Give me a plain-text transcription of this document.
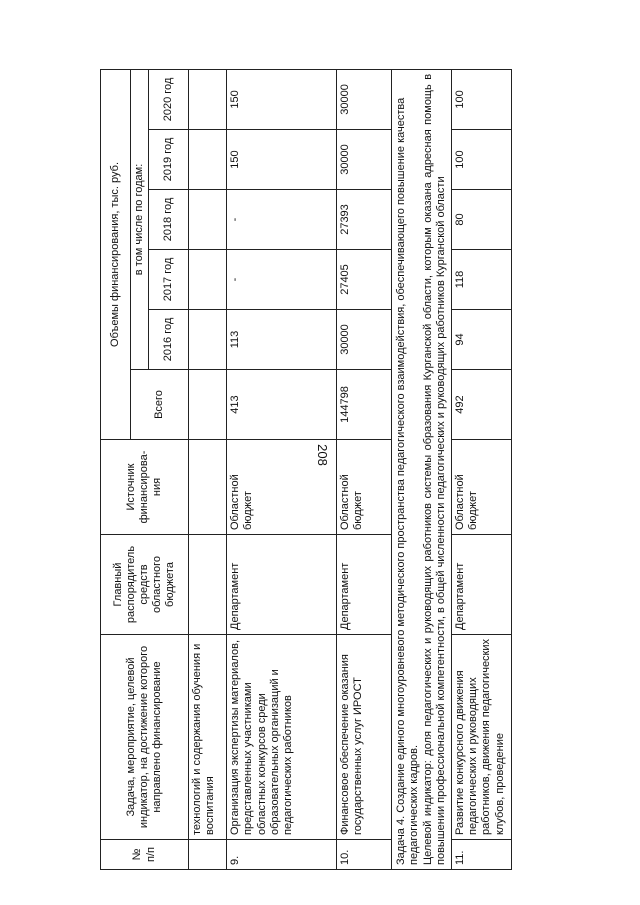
208
№ п/п	Задача, мероприятие, целевой индикатор, на достижение которого направлено финансирование	Главный распорядитель средств областного бюджета	Источник финансирова-ния	Объемы финансирования, тыс. руб.					
				Всего	в том числе по годам:				
					2016 год	2017 год	2018 год	2019 год	2020 год
	технологий и содержания обучения и воспитания								
9.	Организация экспертизы материалов, представленных участниками областных конкурсов среди образовательных организаций и педагогических работников	Департамент	Областной бюджет	413	113	-	-	150	150
10.	Финансовое обеспечение оказания государственных услуг ИРОСТ	Департамент	Областной бюджет	144798	30000	27405	27393	30000	30000

Задача 4. Создание единого многоуровневого методического пространства педагогического взаимодействия, обеспечивающего повышение качества педагогических кадров. Целевой индикатор: доля педагогических и руководящих работников системы образования Курганской области, которым оказана адресная помощь в повышении профессиональной компетентности, в общей численности педагогических и руководящих работников Курганской области									

11.	Развитие конкурсного движения педагогических и руководящих работников, движения педагогических клубов, проведение	Департамент	Областной бюджет	492	94	118	80	100	100
